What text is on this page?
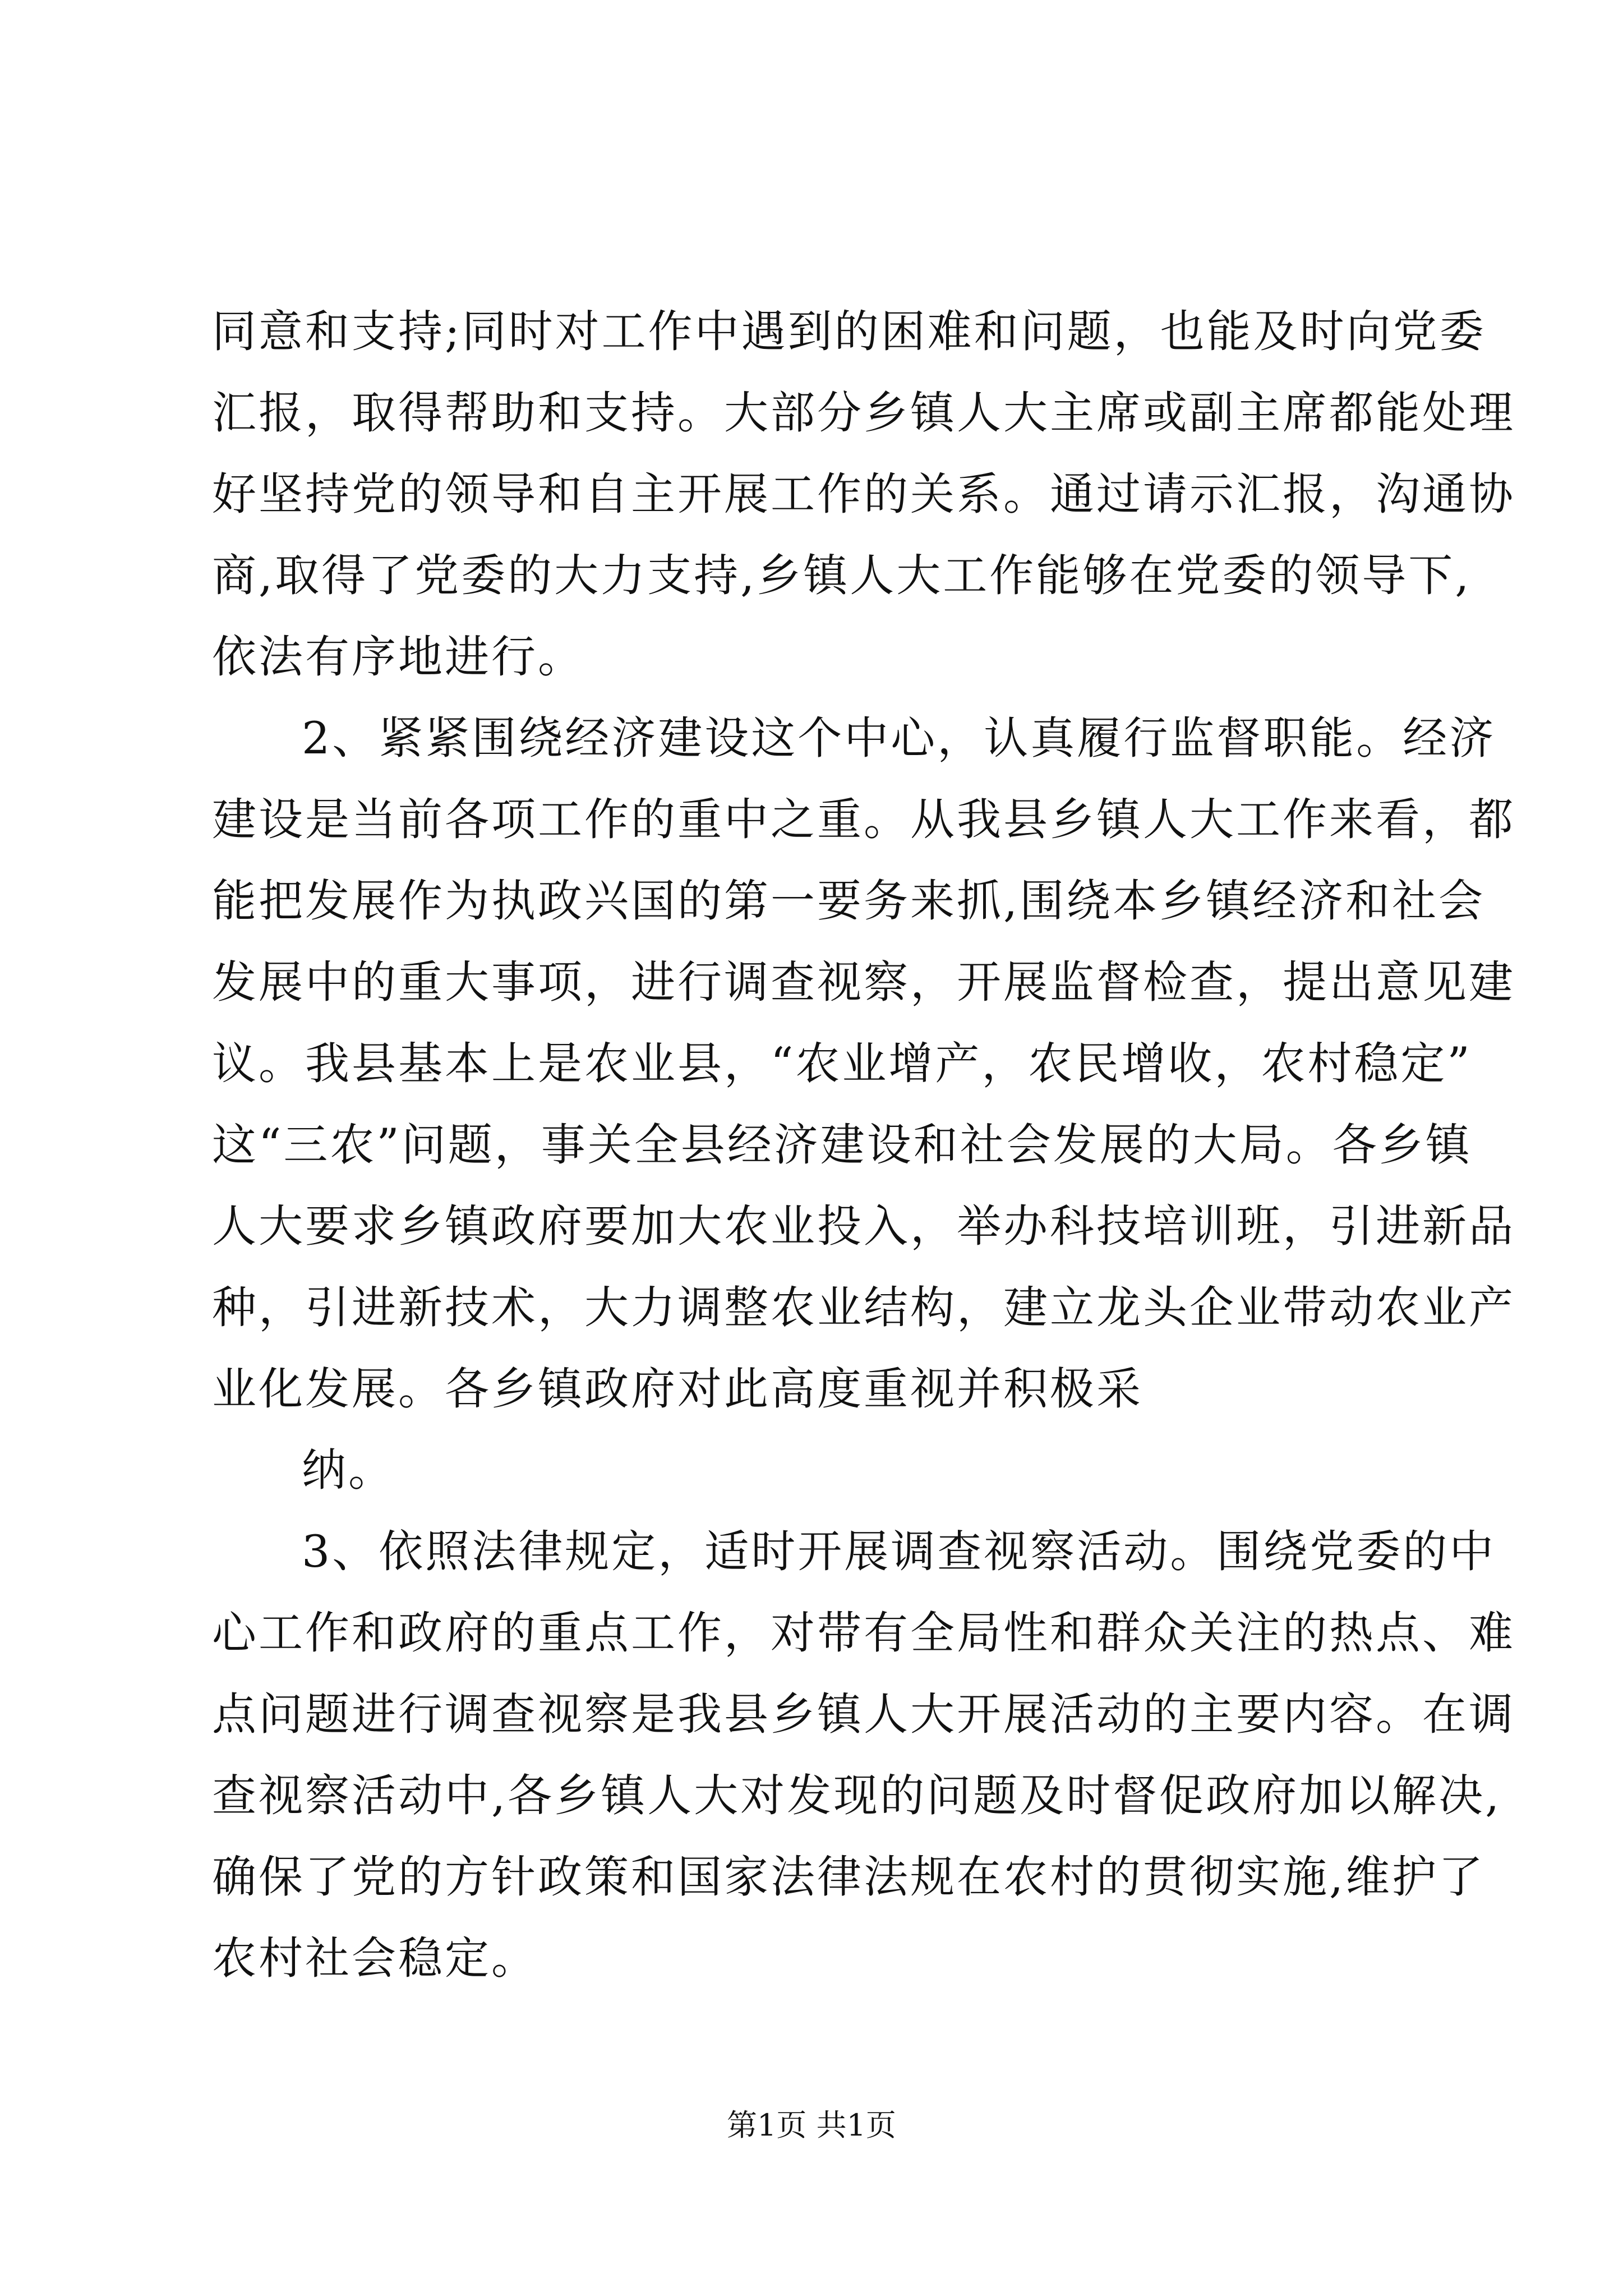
同意和支持;同时对工作中遇到的困难和问题，也能及时向党委

汇报，取得帮助和支持。大部分乡镇人大主席或副主席都能处理

好坚持党的领导和自主开展工作的关系。通过请示汇报，沟通协

商,取得了党委的大力支持,乡镇人大工作能够在党委的领导下,

依法有序地进行。

2、紧紧围绕经济建设这个中心，认真履行监督职能。经济

建设是当前各项工作的重中之重。从我县乡镇人大工作来看，都

能把发展作为执政兴国的第一要务来抓,围绕本乡镇经济和社会

发展中的重大事项，进行调查视察，开展监督检查，提出意见建

议。我县基本上是农业县，“农业增产，农民增收，农村稳定”

这“三农”问题，事关全县经济建设和社会发展的大局。各乡镇

人大要求乡镇政府要加大农业投入，举办科技培训班，引进新品

种，引进新技术，大力调整农业结构，建立龙头企业带动农业产

业化发展。各乡镇政府对此高度重视并积极采

纳。

3、依照法律规定，适时开展调查视察活动。围绕党委的中

心工作和政府的重点工作，对带有全局性和群众关注的热点、难

点问题进行调查视察是我县乡镇人大开展活动的主要内容。在调

查视察活动中,各乡镇人大对发现的问题及时督促政府加以解决,

确保了党的方针政策和国家法律法规在农村的贯彻实施,维护了

农村社会稳定。

第1页 共1页
